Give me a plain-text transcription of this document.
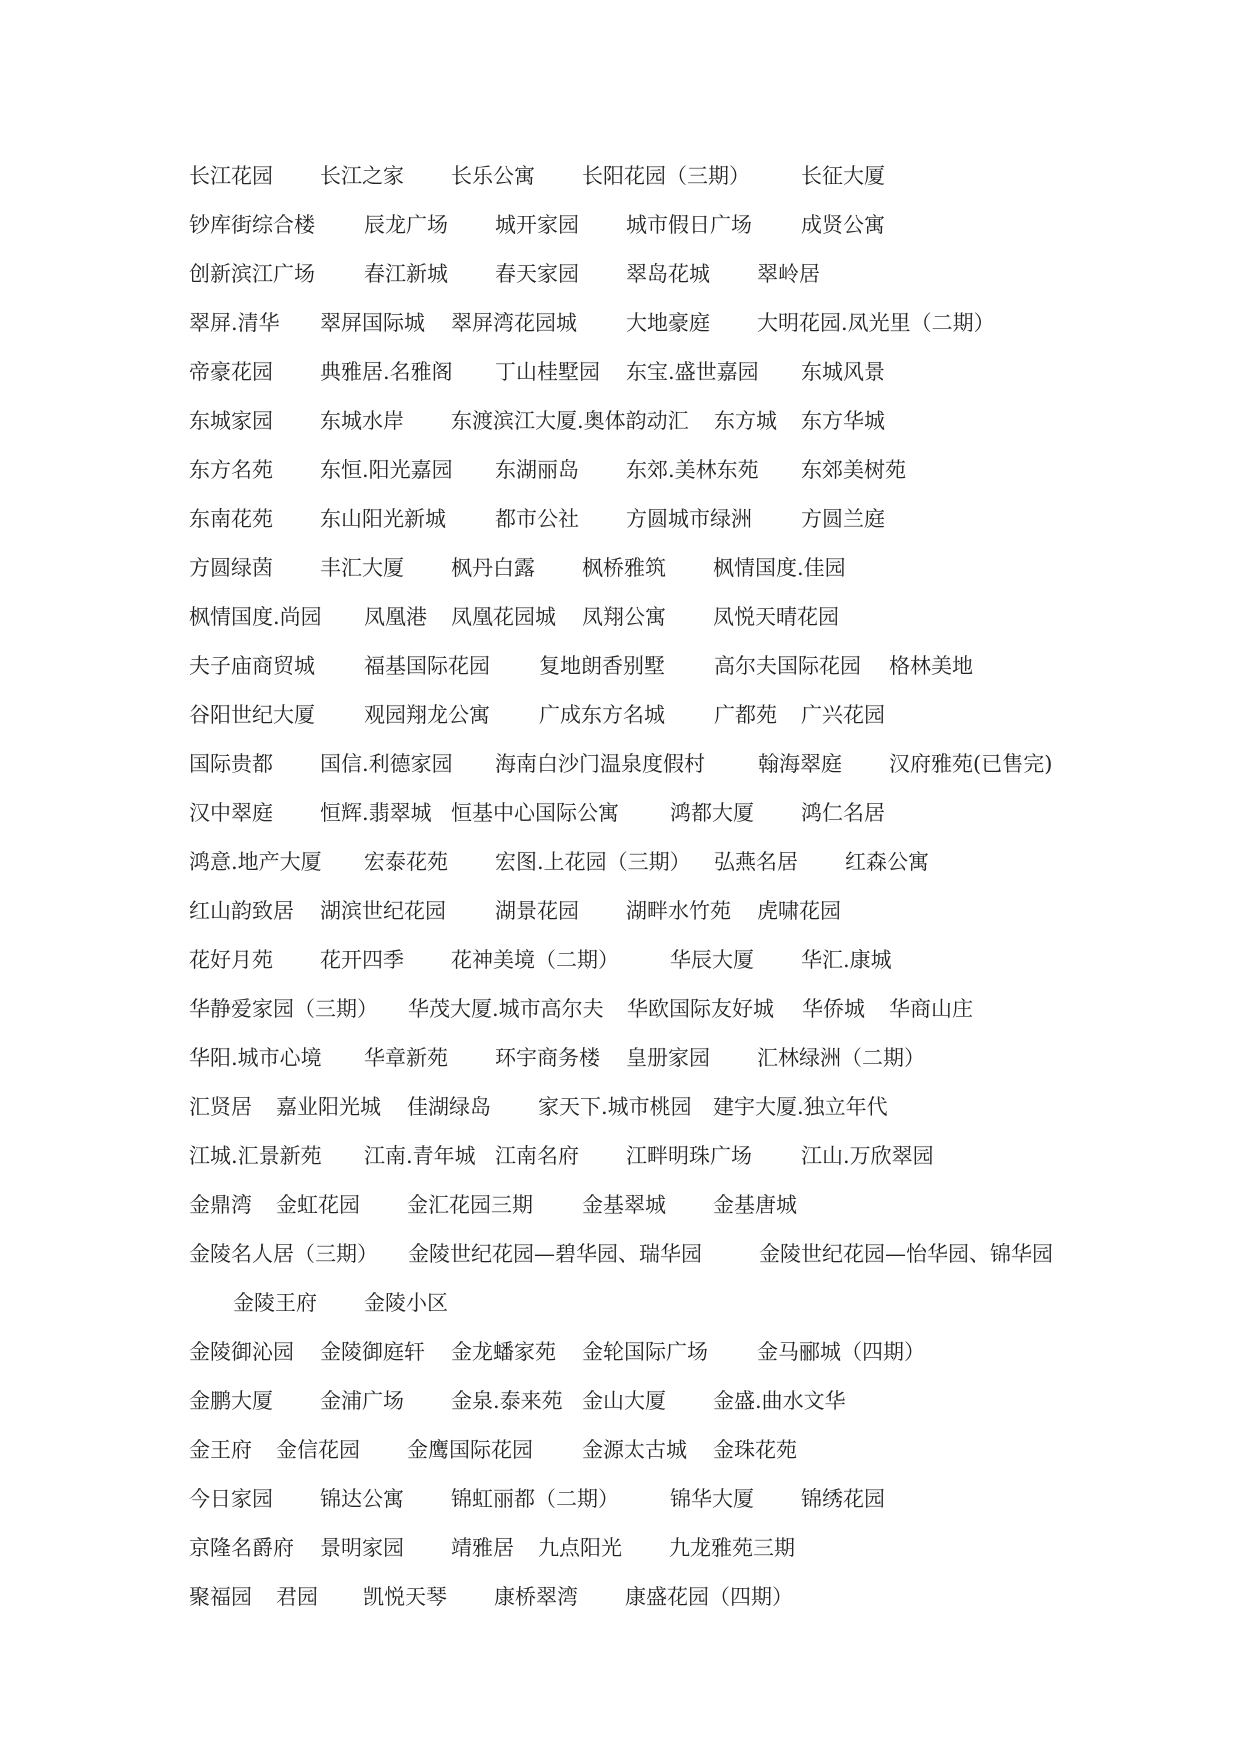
长江花园 长江之家 长乐公寓 长阳花园（三期） 长征大厦
钞库街综合楼 辰龙广场 城开家园 城市假日广场 成贤公寓
创新滨江广场 春江新城 春天家园 翠岛花城 翠岭居
翠屏.清华 翠屏国际城 翠屏湾花园城 大地豪庭 大明花园.凤光里（二期）
帝豪花园 典雅居.名雅阁 丁山桂墅园 东宝.盛世嘉园 东城风景
东城家园 东城水岸 东渡滨江大厦.奥体韵动汇 东方城 东方华城
东方名苑 东恒.阳光嘉园 东湖丽岛 东郊.美林东苑 东郊美树苑
东南花苑 东山阳光新城 都市公社 方圆城市绿洲 方圆兰庭
方圆绿茵 丰汇大厦 枫丹白露 枫桥雅筑 枫情国度.佳园
枫情国度.尚园 凤凰港 凤凰花园城 凤翔公寓 凤悦天晴花园
夫子庙商贸城 福基国际花园 复地朗香别墅 高尔夫国际花园 格林美地
谷阳世纪大厦 观园翔龙公寓 广成东方名城 广都苑 广兴花园
国际贵都 国信.利德家园 海南白沙门温泉度假村	翰海翠庭 汉府雅苑(已售完)
汉中翠庭 恒辉.翡翠城 恒基中心国际公寓 鸿都大厦 鸿仁名居
鸿意.地产大厦 宏泰花苑 宏图.上花园（三期） 弘燕名居 红森公寓
红山韵致居 湖滨世纪花园 湖景花园 湖畔水竹苑 虎啸花园
花好月苑 花开四季 花神美境（二期） 华辰大厦 华汇.康城
华静爱家园（三期） 华茂大厦.城市高尔夫 华欧国际友好城 华侨城 华商山庄
华阳.城市心境 华章新苑 环宇商务楼 皇册家园 汇林绿洲（二期）
汇贤居 嘉业阳光城 佳湖绿岛 家天下.城市桃园 建宇大厦.独立年代
江城.汇景新苑 江南.青年城 江南名府 江畔明珠广场 江山.万欣翠园
金鼎湾 金虹花园 金汇花园三期 金基翠城 金基唐城
金陵名人居（三期） 金陵世纪花园—碧华园、瑞华园	金陵世纪花园—怡华园、锦华园
金陵王府 金陵小区
金陵御沁园 金陵御庭轩 金龙蟠家苑 金轮国际广场 金马郦城（四期）
金鹏大厦 金浦广场 金泉.泰来苑 金山大厦 金盛.曲水文华
金王府 金信花园 金鹰国际花园 金源太古城 金珠花苑
今日家园 锦达公寓 锦虹丽都（二期） 锦华大厦 锦绣花园
京隆名爵府 景明家园 靖雅居 九点阳光 九龙雅苑三期
聚福园 君园 凯悦天琴 康桥翠湾 康盛花园（四期）
